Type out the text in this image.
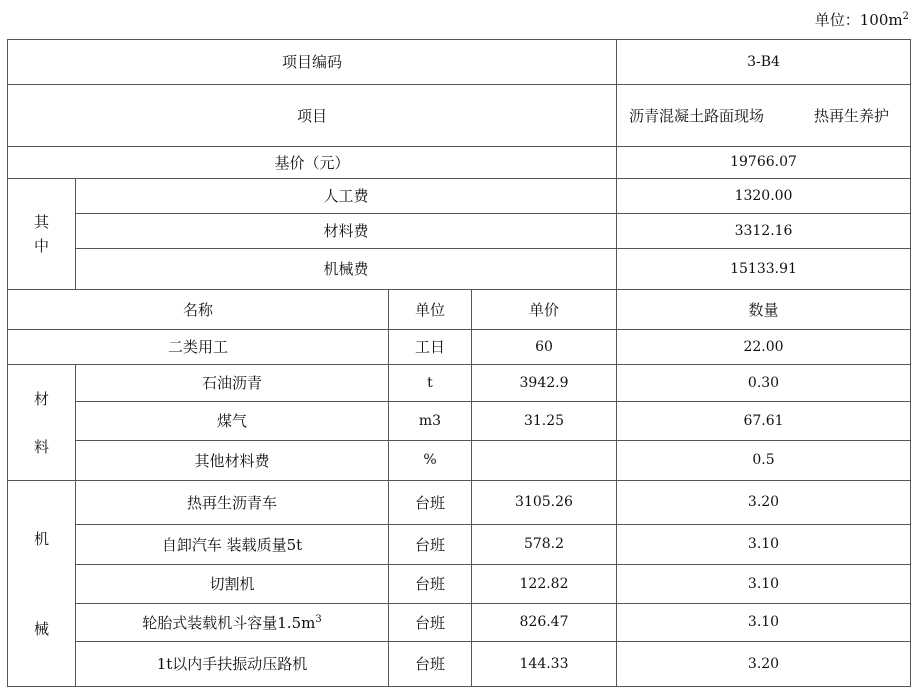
单位：$100m^2$
项目编码				3-B4
项目				沥青混凝土路面现场 热再生养护
基价（元）				19766.07

其
中	人工费			1320.00
	材料费			3312.16
	机械费			15133.91
名称		单位	单价	数量
二类用工		工日	60	22.00

材
料	石油沥青	t	3942.9	0.30
	煤气	m3	31.25	67.61
	其他材料费	%		0.5

机
械	热再生沥青车	台班	3105.26	3.20
	自卸汽车 装载质量5t	台班	578.2	3.10
	切割机	台班	122.82	3.10
	轮胎式装载机斗容量$1.5m^3$	台班	826.47	3.10
	1t以内手扶振动压路机	台班	144.33	3.20
